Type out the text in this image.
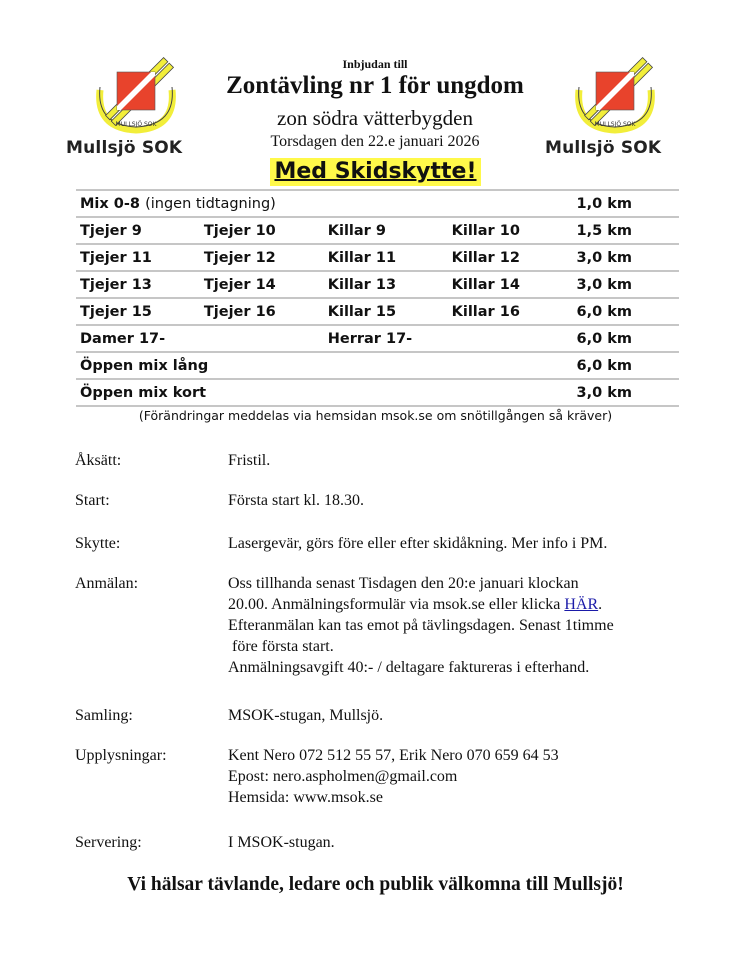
MULLSJÖ SOK
Mullsjö SOK
MULLSJÖ SOK
Mullsjö SOK
Inbjudan till
Zontävling nr 1 för ungdom
zon södra vätterbygden
Torsdagen den 22.e januari 2026
Med Skidskytte!
Mix 0-8 (ingen tidtagning)				1,0 km
Tjejer 9	Tjejer 10	Killar 9	Killar 10	1,5 km
Tjejer 11	Tjejer 12	Killar 11	Killar 12	3,0 km
Tjejer 13	Tjejer 14	Killar 13	Killar 14	3,0 km
Tjejer 15	Tjejer 16	Killar 15	Killar 16	6,0 km
Damer 17-		Herrar 17-		6,0 km
Öppen mix lång				6,0 km
Öppen mix kort				3,0 km
(Förändringar meddelas via hemsidan msok.se om snötillgången så kräver)
Åksätt:	Fristil.
Start:	Första start kl. 18.30.
Skytte:	Lasergevär, görs före eller efter skidåkning. Mer info i PM.
Anmälan:	Oss tillhanda senast Tisdagen den 20:e januari klockan
20.00. Anmälningsformulär via msok.se eller klicka HÄR.
Efteranmälan kan tas emot på tävlingsdagen. Senast 1timme
före första start.
Anmälningsavgift 40:- / deltagare faktureras i efterhand.
Samling:	MSOK-stugan, Mullsjö.
Upplysningar:	Kent Nero 072 512 55 57, Erik Nero 070 659 64 53
Epost: nero.aspholmen@gmail.com
Hemsida: www.msok.se
Servering:	I MSOK-stugan.
Vi hälsar tävlande, ledare och publik välkomna till Mullsjö!
